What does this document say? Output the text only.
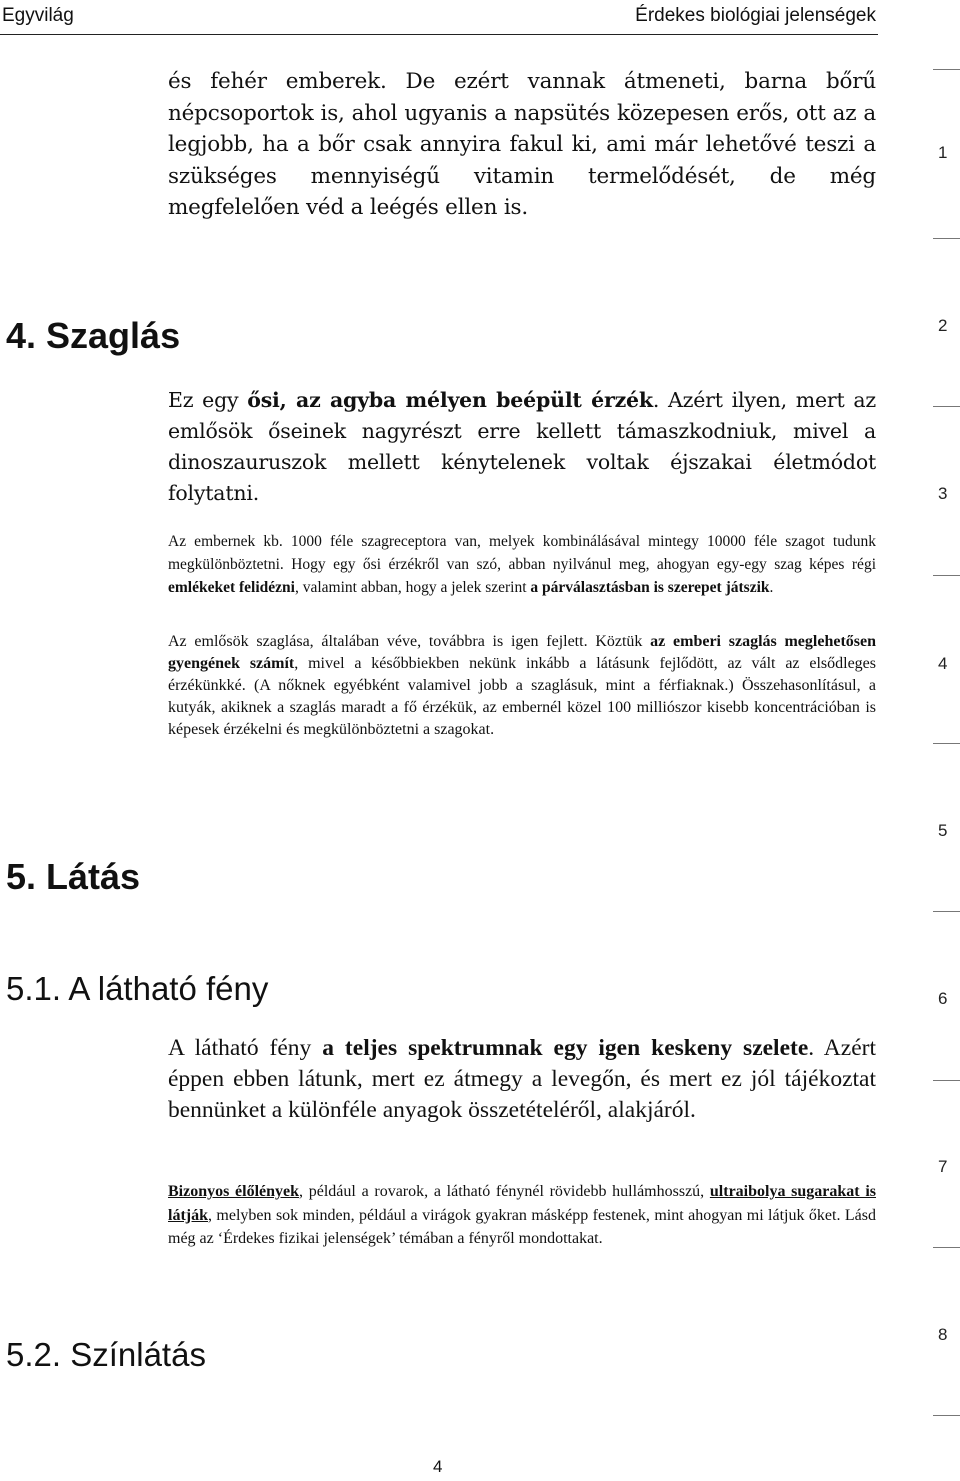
Egyvilág	Érdekes biológiai jelenségek
és fehér emberek. De ezért vannak átmeneti, barna bőrű népcsoportok is, ahol ugyanis a napsütés közepesen erős, ott az a legjobb, ha a bőr csak annyira fakul ki, ami már lehetővé teszi a szükséges mennyiségű vitamin termelődését, de még megfelelően véd a leégés ellen is.
4. Szaglás
Ez egy ősi, az agyba mélyen beépült érzék. Azért ilyen, mert az emlősök őseinek nagyrészt erre kellett támaszkodniuk, mivel a dinoszauruszok mellett kénytelenek voltak éjszakai életmódot folytatni.
Az embernek kb. 1000 féle szagreceptora van, melyek kombinálásával mintegy 10000 féle szagot tudunk megkülönböztetni. Hogy egy ősi érzékről van szó, abban nyilvánul meg, ahogyan egy-egy szag képes régi emlékeket felidézni, valamint abban, hogy a jelek szerint a párválasztásban is szerepet játszik.
Az emlősök szaglása, általában véve, továbbra is igen fejlett. Köztük az emberi szaglás meglehetősen gyengének számít, mivel a későbbiekben nekünk inkább a látásunk fejlődött, az vált az elsődleges érzékünkké. (A nőknek egyébként valamivel jobb a szaglásuk, mint a férfiaknak.) Összehasonlításul, a kutyák, akiknek a szaglás maradt a fő érzékük, az embernél közel 100 milliószor kisebb koncentrációban is képesek érzékelni és megkülönböztetni a szagokat.
5. Látás
5.1. A látható fény
A látható fény a teljes spektrumnak egy igen keskeny szelete. Azért éppen ebben látunk, mert ez átmegy a levegőn, és mert ez jól tájékoztat bennünket a különféle anyagok összetételéről, alakjáról.
Bizonyos élőlények, például a rovarok, a látható fénynél rövidebb hullámhosszú, ultraibolya sugarakat is látják, melyben sok minden, például a virágok gyakran másképp festenek, mint ahogyan mi látjuk őket. Lásd még az ‘Érdekes fizikai jelenségek’ témában a fényről mondottakat.
5.2. Színlátás
1
2
3
4
5
6
7
8
4
